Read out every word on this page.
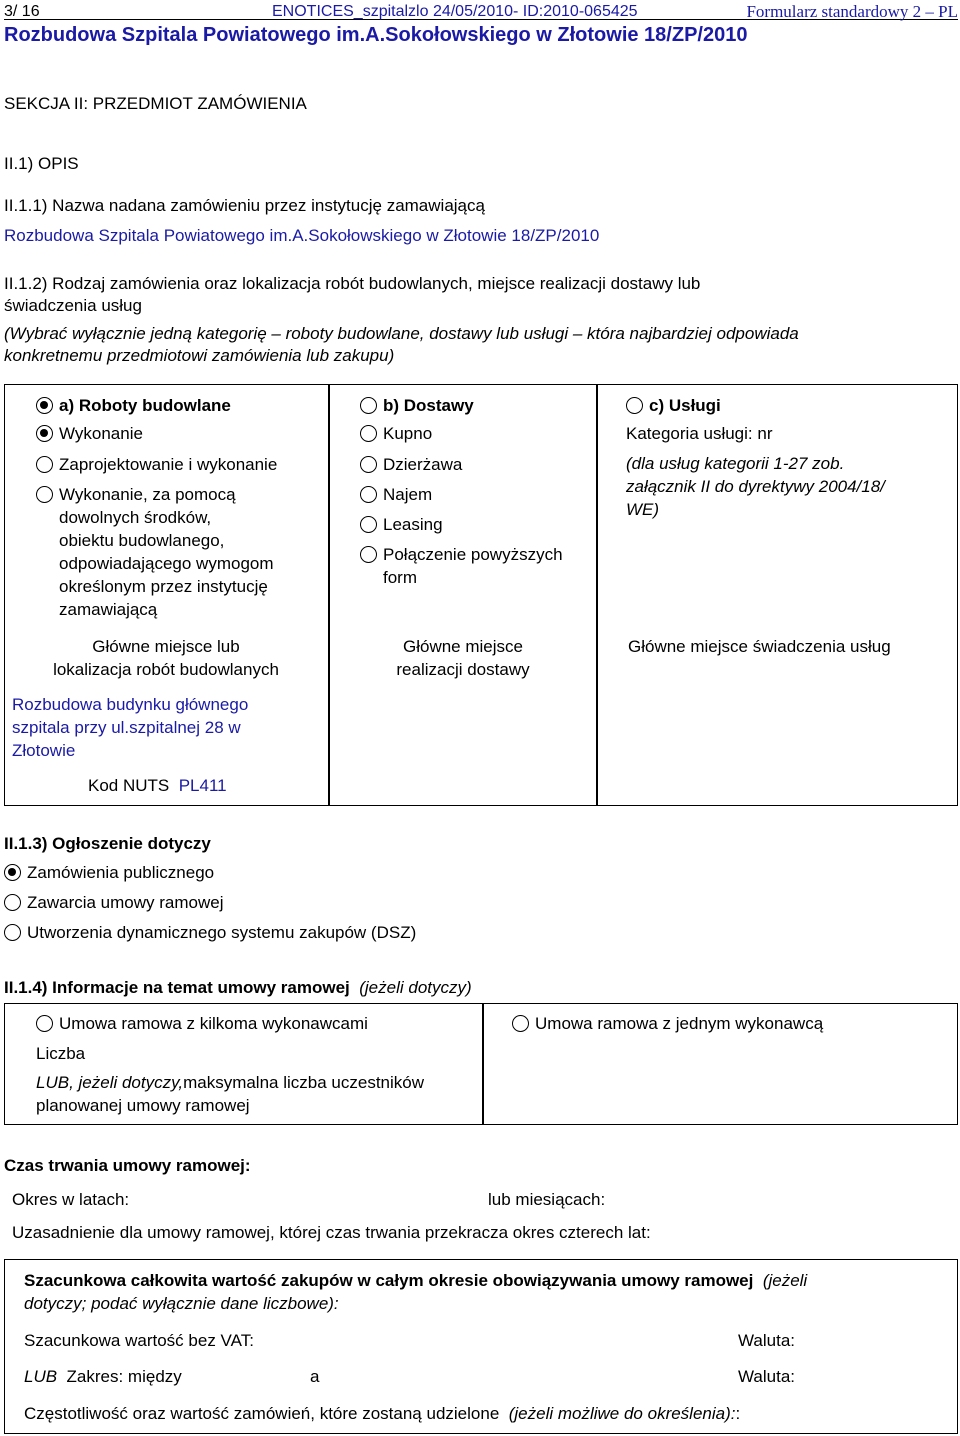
3/ 16	ENOTICES_szpitalzlo 24/05/2010- ID:2010-065425	Formularz standardowy 2 – PL
Rozbudowa Szpitala Powiatowego im.A.Sokołowskiego w Złotowie 18/ZP/2010
SEKCJA II: PRZEDMIOT ZAMÓWIENIA
II.1) OPIS
II.1.1) Nazwa nadana zamówieniu przez instytucję zamawiającą
Rozbudowa Szpitala Powiatowego im.A.Sokołowskiego w Złotowie 18/ZP/2010
II.1.2) Rodzaj zamówienia oraz lokalizacja robót budowlanych, miejsce realizacji dostawy lub
świadczenia usług
(Wybrać wyłącznie jedną kategorię – roboty budowlane, dostawy lub usługi – która najbardziej odpowiada
konkretnemu przedmiotowi zamówienia lub zakupu)
a) Roboty budowlane
Wykonanie
Zaprojektowanie i wykonanie
Wykonanie, za pomocą
dowolnych środków,
obiektu budowlanego,
odpowiadającego wymogom
określonym przez instytucję
zamawiającą
Główne miejsce lub
lokalizacja robót budowlanych
Rozbudowa budynku głównego
szpitala przy ul.szpitalnej 28 w
Złotowie
Kod NUTS PL411
b) Dostawy
Kupno
Dzierżawa
Najem
Leasing
Połączenie powyższych
form
Główne miejsce
realizacji dostawy
c) Usługi
Kategoria usługi: nr
(dla usług kategorii 1-27 zob.
załącznik II do dyrektywy 2004/18/
WE)
Główne miejsce świadczenia usług
II.1.3) Ogłoszenie dotyczy
Zamówienia publicznego
Zawarcia umowy ramowej
Utworzenia dynamicznego systemu zakupów (DSZ)
II.1.4) Informacje na temat umowy ramowej (jeżeli dotyczy)
Umowa ramowa z kilkoma wykonawcami	Umowa ramowa z jednym wykonawcą
Liczba
LUB, jeżeli dotyczy,maksymalna liczba uczestników
planowanej umowy ramowej
Czas trwania umowy ramowej:
Okres w latach:	lub miesiącach:
Uzasadnienie dla umowy ramowej, której czas trwania przekracza okres czterech lat:
Szacunkowa całkowita wartość zakupów w całym okresie obowiązywania umowy ramowej (jeżeli
dotyczy; podać wyłącznie dane liczbowe):
Szacunkowa wartość bez VAT:	Waluta:
LUB Zakres: między	a	Waluta:
Częstotliwość oraz wartość zamówień, które zostaną udzielone (jeżeli możliwe do określenia)::
